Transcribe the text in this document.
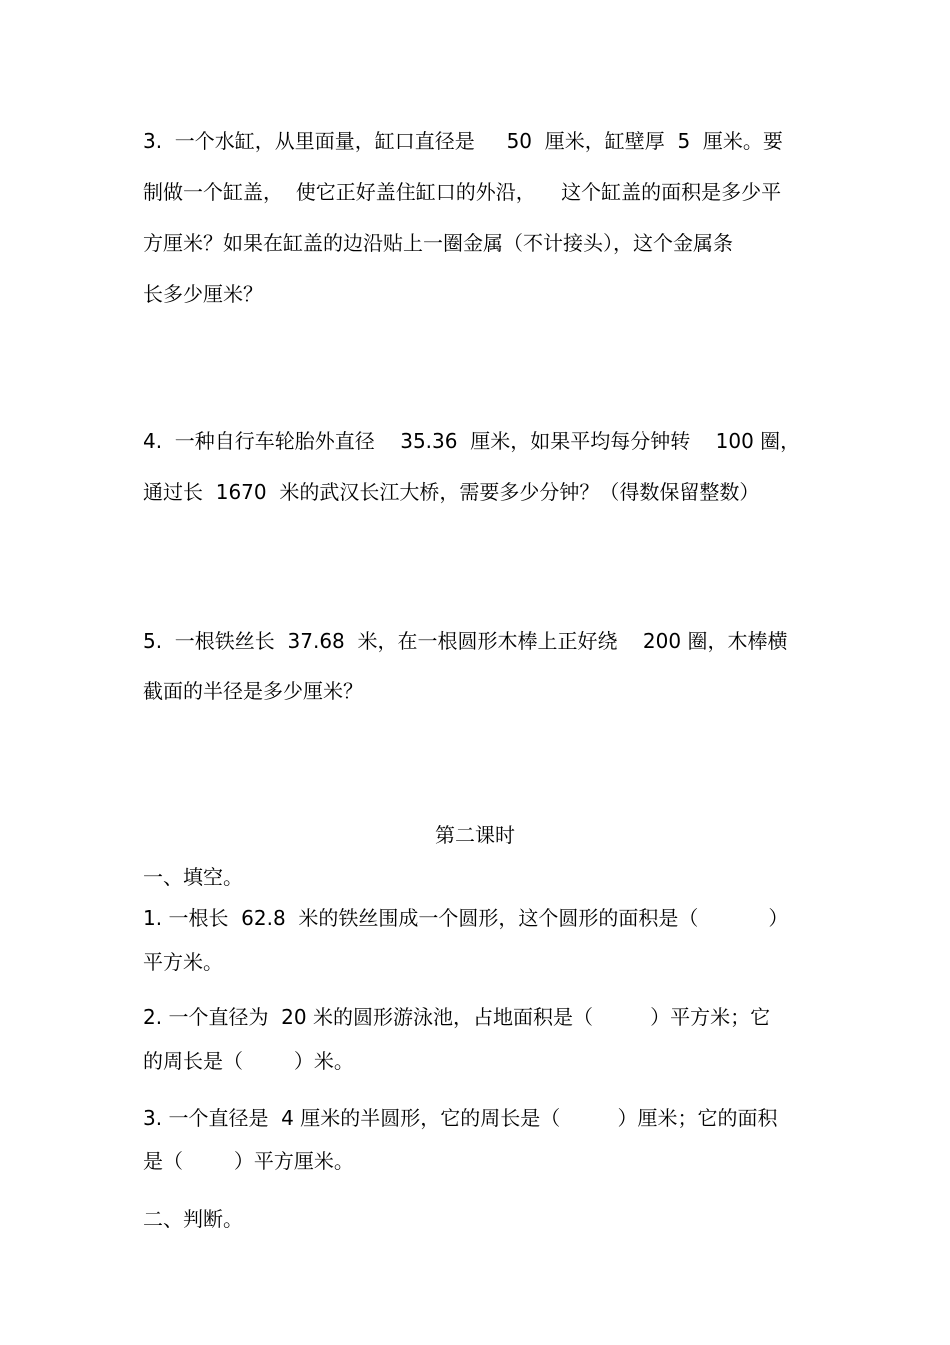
3.  一个水缸，从里面量，缸口直径是     50  厘米，缸壁厚  5  厘米。要
制做一个缸盖，  使它正好盖住缸口的外沿，    这个缸盖的面积是多少平
方厘米？如果在缸盖的边沿贴上一圈金属（不计接头），这个金属条
长多少厘米？
4.  一种自行车轮胎外直径    35.36  厘米，如果平均每分钟转    100 圈，
通过长  1670  米的武汉长江大桥，需要多少分钟？（得数保留整数）
5.  一根铁丝长  37.68  米，在一根圆形木棒上正好绕    200 圈，木棒横
截面的半径是多少厘米？
第二课时
一、填空。
1. 一根长  62.8  米的铁丝围成一个圆形，这个圆形的面积是（           ）
平方米。
2. 一个直径为  20 米的圆形游泳池，占地面积是（         ）平方米；它
的周长是（        ）米。
3. 一个直径是  4 厘米的半圆形，它的周长是（         ）厘米；它的面积
是（        ）平方厘米。
二、判断。
